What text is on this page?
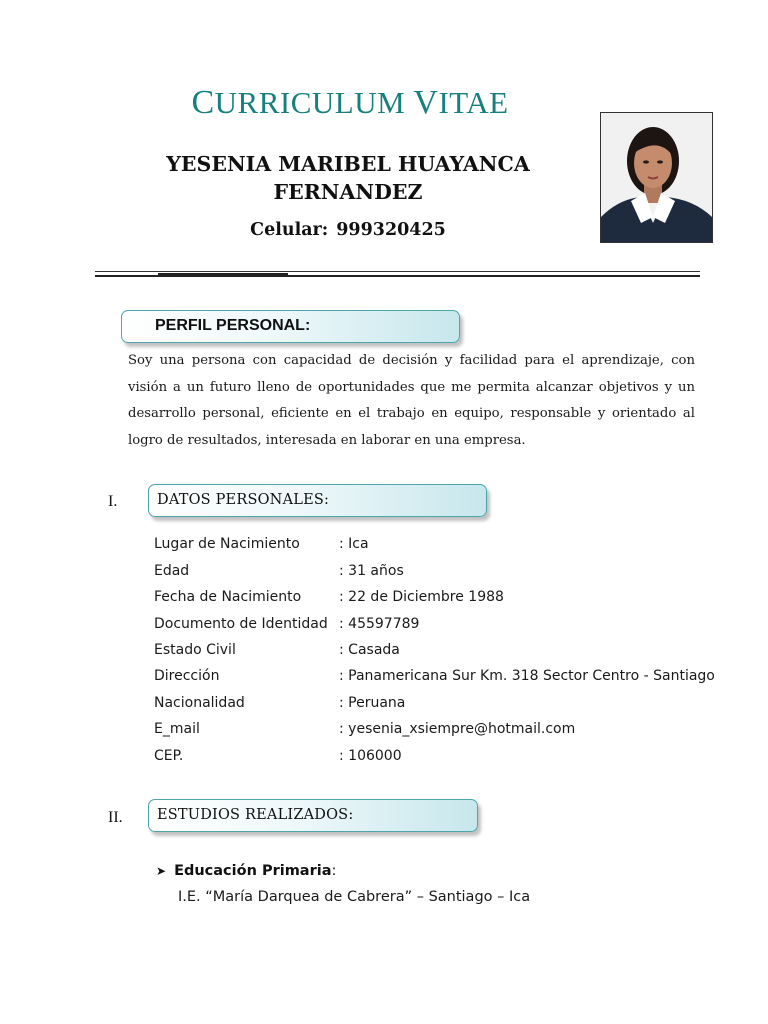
CURRICULUM VITAE
YESENIA MARIBEL HUAYANCA
FERNANDEZ
Celular: 999320425
PERFIL PERSONAL:
Soy una persona con capacidad de decisión y facilidad para el aprendizaje, con visión a un futuro lleno de oportunidades que me permita alcanzar objetivos y un desarrollo personal, eficiente en el trabajo en equipo, responsable y orientado al logro de resultados, interesada en laborar en una empresa.
I.	DATOS PERSONALES:
Lugar de Nacimiento	: Ica
Edad	: 31 años
Fecha de Nacimiento	: 22 de Diciembre 1988
Documento de Identidad : 45597789
Estado Civil	: Casada
Dirección	: Panamericana Sur Km. 318 Sector Centro - Santiago
Nacionalidad	: Peruana
E_mail	: yesenia_xsiempre@hotmail.com
CEP.	: 106000
II. ESTUDIOS REALIZADOS:
➤ Educación Primaria:
I.E. “María Darquea de Cabrera” – Santiago – Ica
